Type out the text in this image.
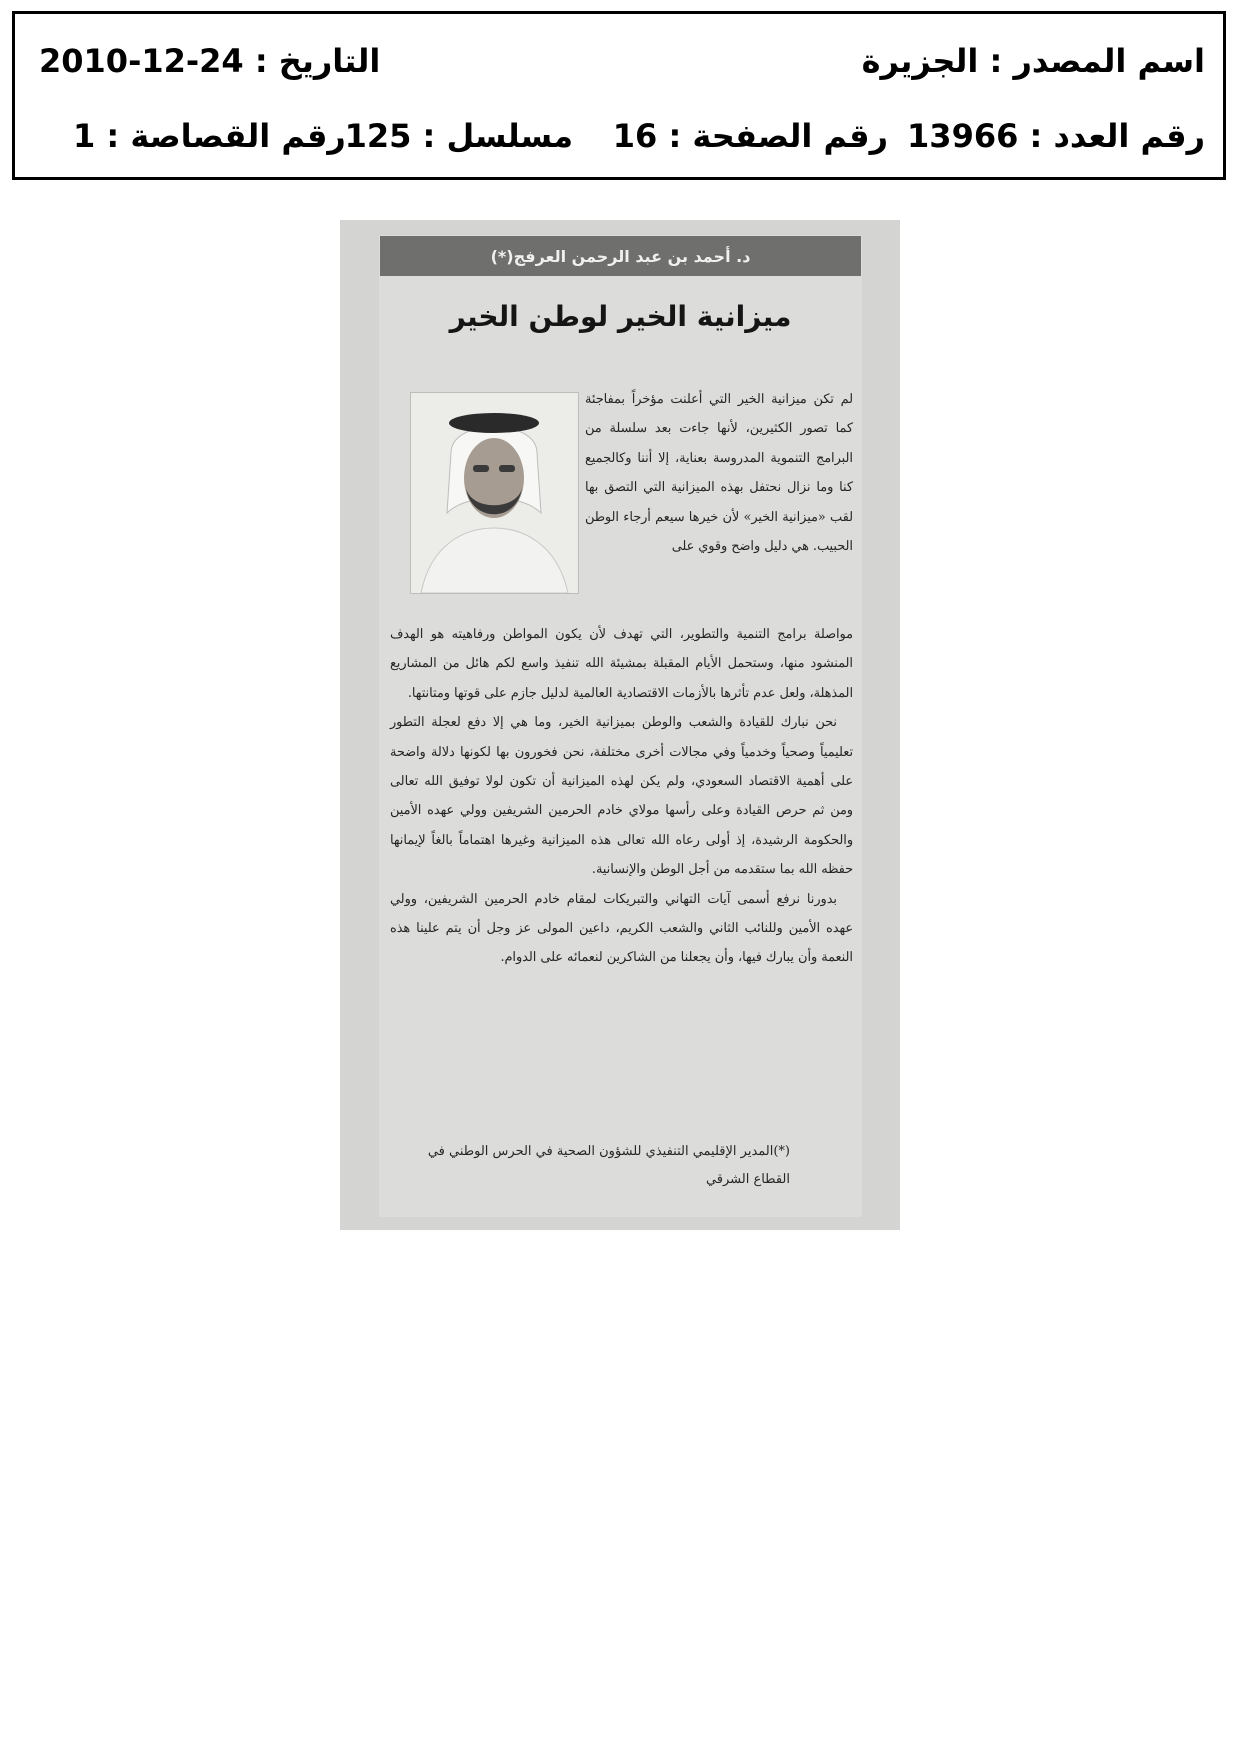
اسم المصدر : الجزيرة
التاريخ : 24-12-2010
رقم العدد : 13966
رقم الصفحة : 16
مسلسل : 125
رقم القصاصة : 1
د. أحمد بن عبد الرحمن العرفج(*)
ميزانية الخير لوطن الخير
لم تكن ميزانية الخير التي أعلنت مؤخراً بمفاجئة كما تصور الكثيرين، لأنها جاءت بعد سلسلة من البرامج التنموية المدروسة بعناية، إلا أننا وكالجميع كنا وما نزال نحتفل بهذه الميزانية التي التصق بها لقب «ميزانية الخير» لأن خيرها سيعم أرجاء الوطن الحبيب. هي دليل واضح وقوي على

مواصلة برامج التنمية والتطوير، التي تهدف لأن يكون المواطن ورفاهيته هو الهدف المنشود منها، وستحمل الأيام المقبلة بمشيئة الله تنفيذ واسع لكم هائل من المشاريع المذهلة، ولعل عدم تأثرها بالأزمات الاقتصادية العالمية لدليل جازم على قوتها ومتانتها.

نحن نبارك للقيادة والشعب والوطن بميزانية الخير، وما هي إلا دفع لعجلة التطور تعليمياً وصحياً وخدمياً وفي مجالات أخرى مختلفة، نحن فخورون بها لكونها دلالة واضحة على أهمية الاقتصاد السعودي، ولم يكن لهذه الميزانية أن تكون لولا توفيق الله تعالى ومن ثم حرص القيادة وعلى رأسها مولاي خادم الحرمين الشريفين وولي عهده الأمين والحكومة الرشيدة، إذ أولى رعاه الله تعالى هذه الميزانية وغيرها اهتماماً بالغاً لإيمانها حفظه الله بما ستقدمه من أجل الوطن والإنسانية.

بدورنا نرفع أسمى آيات التهاني والتبريكات لمقام خادم الحرمين الشريفين، وولي عهده الأمين وللنائب الثاني والشعب الكريم، داعين المولى عز وجل أن يتم علينا هذه النعمة وأن يبارك فيها، وأن يجعلنا من الشاكرين لنعمائه على الدوام.

(*)المدير الإقليمي التنفيذي للشؤون الصحية في الحرس الوطني في القطاع الشرقي
